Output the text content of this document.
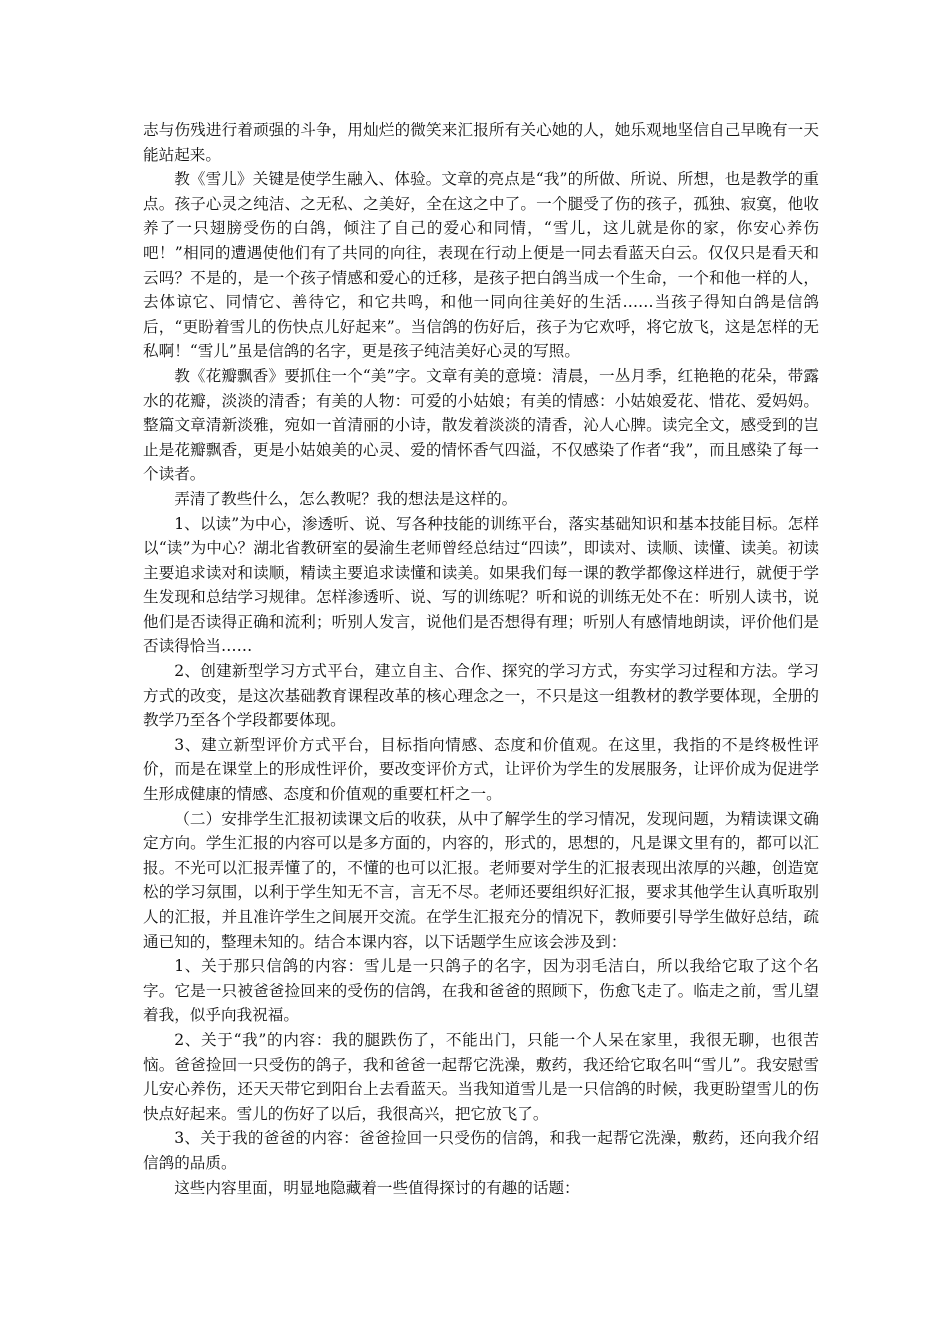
志与伤残进行着顽强的斗争，用灿烂的微笑来汇报所有关心她的人，她乐观地坚信自己早晚有一天能站起来。

教《雪儿》关键是使学生融入、体验。文章的亮点是“我”的所做、所说、所想，也是教学的重点。孩子心灵之纯洁、之无私、之美好，全在这之中了。一个腿受了伤的孩子，孤独、寂寞，他收养了一只翅膀受伤的白鸽，倾注了自己的爱心和同情，“雪儿，这儿就是你的家，你安心养伤吧！”相同的遭遇使他们有了共同的向往，表现在行动上便是一同去看蓝天白云。仅仅只是看天和云吗？不是的，是一个孩子情感和爱心的迁移，是孩子把白鸽当成一个生命，一个和他一样的人，去体谅它、同情它、善待它，和它共鸣，和他一同向往美好的生活……当孩子得知白鸽是信鸽后，“更盼着雪儿的伤快点儿好起来”。当信鸽的伤好后，孩子为它欢呼，将它放飞，这是怎样的无私啊！“雪儿”虽是信鸽的名字，更是孩子纯洁美好心灵的写照。

教《花瓣飘香》要抓住一个“美”字。文章有美的意境：清晨，一丛月季，红艳艳的花朵，带露水的花瓣，淡淡的清香；有美的人物：可爱的小姑娘；有美的情感：小姑娘爱花、惜花、爱妈妈。整篇文章清新淡雅，宛如一首清丽的小诗，散发着淡淡的清香，沁人心脾。读完全文，感受到的岂止是花瓣飘香，更是小姑娘美的心灵、爱的情怀香气四溢，不仅感染了作者“我”，而且感染了每一个读者。

弄清了教些什么，怎么教呢？我的想法是这样的。

1、以读”为中心，渗透听、说、写各种技能的训练平台，落实基础知识和基本技能目标。怎样以“读”为中心？湖北省教研室的晏渝生老师曾经总结过“四读”，即读对、读顺、读懂、读美。初读主要追求读对和读顺，精读主要追求读懂和读美。如果我们每一课的教学都像这样进行，就便于学生发现和总结学习规律。怎样渗透听、说、写的训练呢？听和说的训练无处不在：听别人读书，说他们是否读得正确和流利；听别人发言，说他们是否想得有理；听别人有感情地朗读，评价他们是否读得恰当……

2、创建新型学习方式平台，建立自主、合作、探究的学习方式，夯实学习过程和方法。学习方式的改变，是这次基础教育课程改革的核心理念之一，不只是这一组教材的教学要体现，全册的教学乃至各个学段都要体现。

3、建立新型评价方式平台，目标指向情感、态度和价值观。在这里，我指的不是终极性评价，而是在课堂上的形成性评价，要改变评价方式，让评价为学生的发展服务，让评价成为促进学生形成健康的情感、态度和价值观的重要杠杆之一。

（二）安排学生汇报初读课文后的收获，从中了解学生的学习情况，发现问题，为精读课文确定方向。学生汇报的内容可以是多方面的，内容的，形式的，思想的，凡是课文里有的，都可以汇报。不光可以汇报弄懂了的，不懂的也可以汇报。老师要对学生的汇报表现出浓厚的兴趣，创造宽松的学习氛围，以利于学生知无不言，言无不尽。老师还要组织好汇报，要求其他学生认真听取别人的汇报，并且准许学生之间展开交流。在学生汇报充分的情况下，教师要引导学生做好总结，疏通已知的，整理未知的。结合本课内容，以下话题学生应该会涉及到：

1、关于那只信鸽的内容：雪儿是一只鸽子的名字，因为羽毛洁白，所以我给它取了这个名字。它是一只被爸爸捡回来的受伤的信鸽，在我和爸爸的照顾下，伤愈飞走了。临走之前，雪儿望着我，似乎向我祝福。

2、关于“我”的内容：我的腿跌伤了，不能出门，只能一个人呆在家里，我很无聊，也很苦恼。爸爸捡回一只受伤的鸽子，我和爸爸一起帮它洗澡，敷药，我还给它取名叫“雪儿”。我安慰雪儿安心养伤，还天天带它到阳台上去看蓝天。当我知道雪儿是一只信鸽的时候，我更盼望雪儿的伤快点好起来。雪儿的伤好了以后，我很高兴，把它放飞了。

3、关于我的爸爸的内容：爸爸捡回一只受伤的信鸽，和我一起帮它洗澡，敷药，还向我介绍信鸽的品质。

这些内容里面，明显地隐藏着一些值得探讨的有趣的话题：
